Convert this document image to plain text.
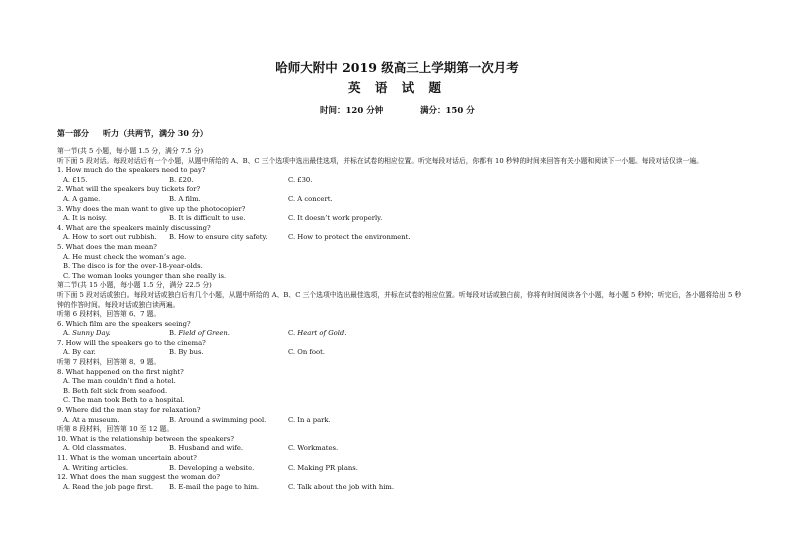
哈师大附中 2019 级高三上学期第一次月考
英 语 试 题
时间：120 分钟	满分：150 分
第一部分 听力（共两节，满分 30 分）
第一节(共 5 小题，每小题 1.5 分，满分 7.5 分)
听下面 5 段对话。每段对话后有一个小题，从题中所给的 A、B、C 三个选项中选出最佳选项，并标在试卷的相应位置。听完每段对话后，你都有 10 秒钟的时间来回答有关小题和阅读下一小题。每段对话仅读一遍。
1. How much do the speakers need to pay?
A. £15.	B. £20.	C. £30.
2. What will the speakers buy tickets for?
A. A game.	B. A film.	C. A concert.
3. Why does the man want to give up the photocopier?
A. It is noisy.	B. It is difficult to use.	C. It doesn’t work properly.
4. What are the speakers mainly discussing?
A. How to sort out rubbish. B. How to ensure city safety.	C. How to protect the environment.
5. What does the man mean?
A. He must check the woman’s age.
B. The disco is for the over-18-year-olds.
C. The woman looks younger than she really is.
第二节(共 15 小题，每小题 1.5 分，满分 22.5 分)
听下面 5 段对话或独白。每段对话或独白后有几个小题，从题中所给的 A、B、C 三个选项中选出最佳选项，并标在试卷的相应位置。听每段对话或独白前，你将有时间阅读各个小题，每小题 5 秒钟；听完后，各小题将给出 5 秒钟的作答时间。每段对话或独白读两遍。
听第 6 段材料，回答第 6、7 题。
6. Which film are the speakers seeing?
A. Sunny Day.	B. Field of Green.	C. Heart of Gold.
7. How will the speakers go to the cinema?
A. By car.	B. By bus.	C. On foot.
听第 7 段材料，回答第 8、9 题。
8. What happened on the first night?
A. The man couldn’t find a hotel.
B. Beth felt sick from seafood.
C. The man took Beth to a hospital.
9. Where did the man stay for relaxation?
A. At a museum.	B. Around a swimming pool.	C. In a park.
听第 8 段材料，回答第 10 至 12 题。
10. What is the relationship between the speakers?
A. Old classmates.	B. Husband and wife.	C. Workmates.
11. What is the woman uncertain about?
A. Writing articles.	B. Developing a website.	C. Making PR plans.
12. What does the man suggest the woman do?
A. Read the job page first. B. E-mail the page to him.	C. Talk about the job with him.
